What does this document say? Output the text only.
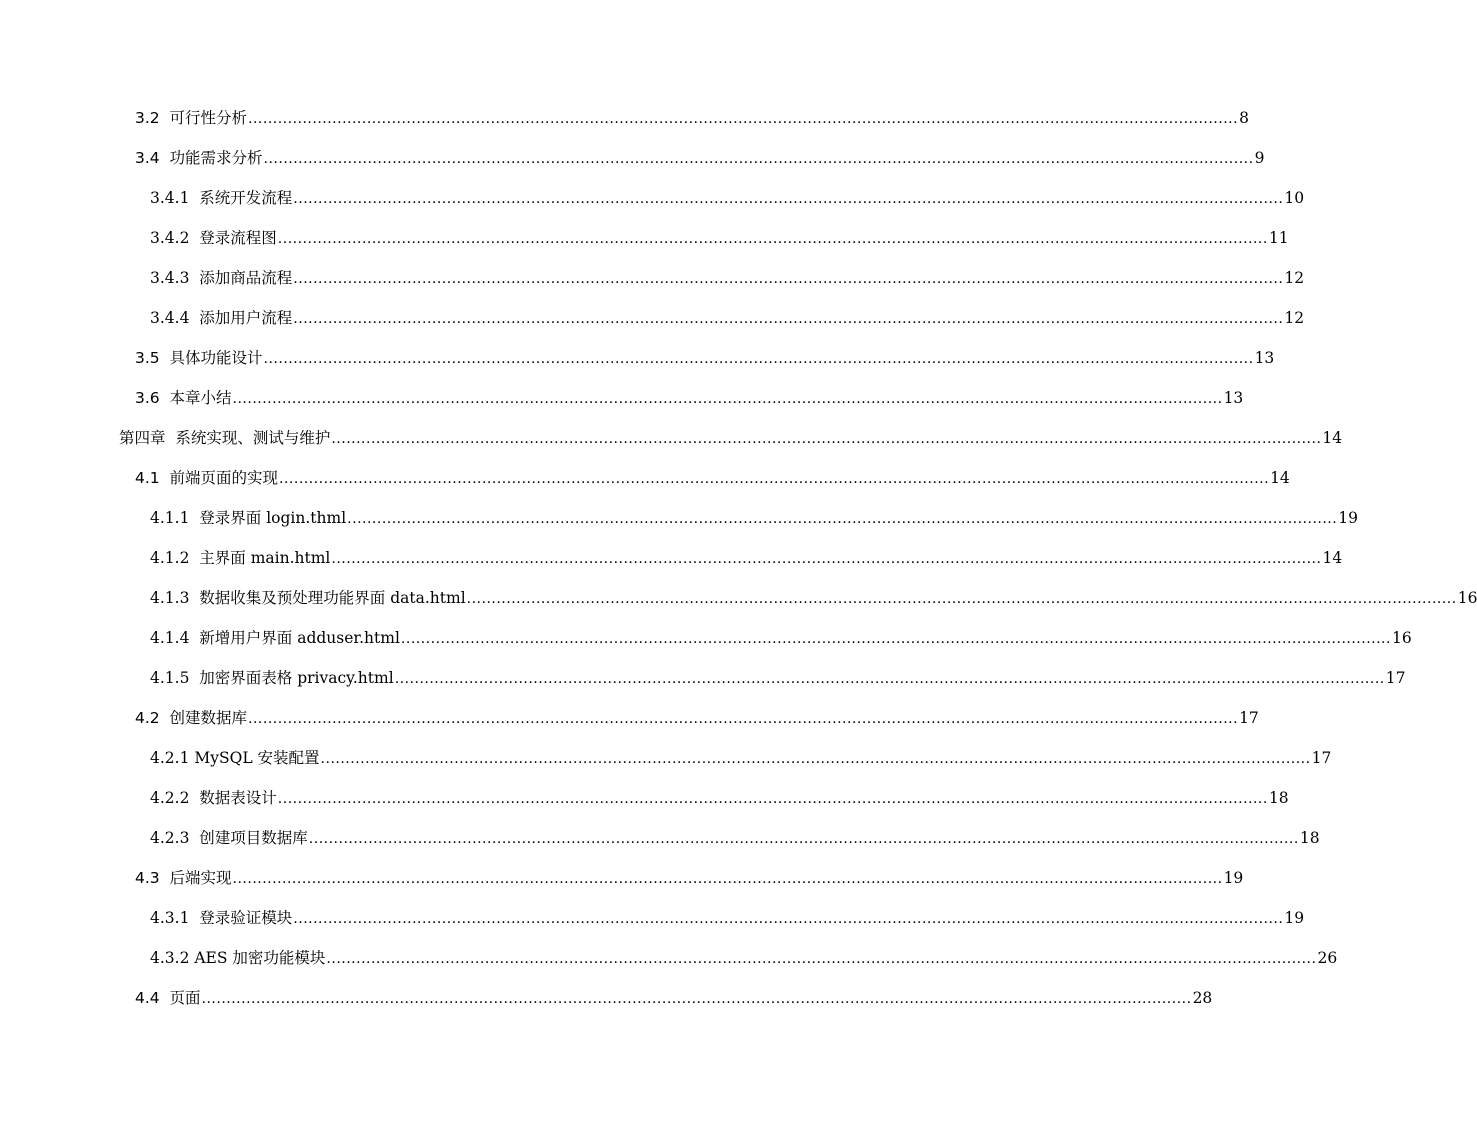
3.2  可行性分析 ........................................................................................................................................................................................................ 8
3.4  功能需求分析 ........................................................................................................................................................................................................ 9
3.4.1  系统开发流程 ........................................................................................................................................................................................................ 10
3.4.2  登录流程图 ........................................................................................................................................................................................................ 11
3.4.3  添加商品流程 ........................................................................................................................................................................................................ 12
3.4.4  添加用户流程 ........................................................................................................................................................................................................ 12
3.5  具体功能设计 ........................................................................................................................................................................................................ 13
3.6  本章小结 ........................................................................................................................................................................................................ 13
第四章  系统实现、测试与维护 ........................................................................................................................................................................................................ 14
4.1  前端页面的实现 ........................................................................................................................................................................................................ 14
4.1.1  登录界面 login.thml ........................................................................................................................................................................................................ 19
4.1.2  主界面 main.html ........................................................................................................................................................................................................ 14
4.1.3  数据收集及预处理功能界面 data.html ........................................................................................................................................................................................................ 16
4.1.4  新增用户界面 adduser.html ........................................................................................................................................................................................................ 16
4.1.5  加密界面表格 privacy.html ........................................................................................................................................................................................................ 17
4.2  创建数据库 ........................................................................................................................................................................................................ 17
4.2.1 MySQL 安装配置 ........................................................................................................................................................................................................ 17
4.2.2  数据表设计 ........................................................................................................................................................................................................ 18
4.2.3  创建项目数据库 ........................................................................................................................................................................................................ 18
4.3  后端实现 ........................................................................................................................................................................................................ 19
4.3.1  登录验证模块 ........................................................................................................................................................................................................ 19
4.3.2 AES 加密功能模块 ........................................................................................................................................................................................................ 26
4.4  页面 ........................................................................................................................................................................................................ 28
